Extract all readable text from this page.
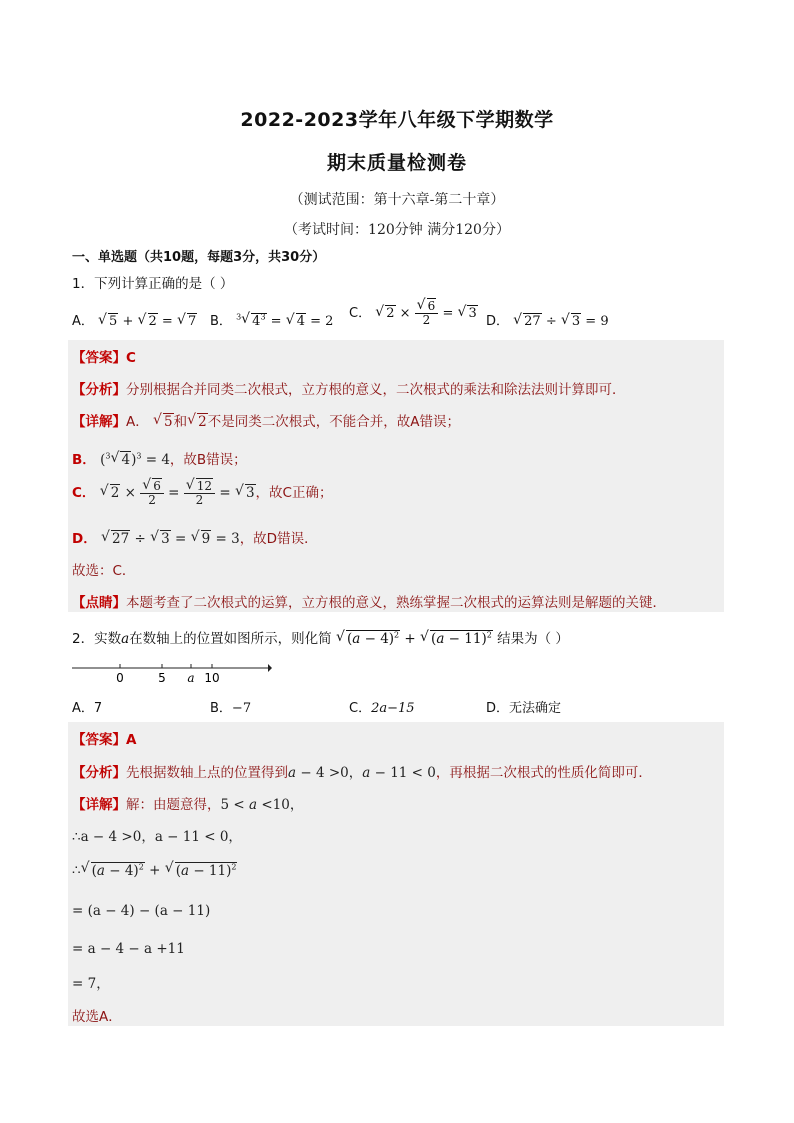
2022-2023学年八年级下学期数学
期末质量检测卷
（测试范围：第十六章-第二十章）
（考试时间：120分钟 满分120分）
一、单选题（共10题，每题3分，共30分）
1．下列计算正确的是（ ）
A． √ 5 + √ 2 = √ 7 B． $^3$ √ $4^3$ = √ 4 = 2
C． √ 2 × √ $\frac{6}{2}$ = √ 3
D． √ 27 ÷ √ 3 = 9
【答案】C
【分析】分别根据合并同类二次根式，立方根的意义，二次根式的乘法和除法法则计算即可．
【详解】A． √ 5和 √ 2不是同类二次根式，不能合并，故A错误；
B． ($^3$ √ 4)$^3$ = 4，故B错误；
C． √ 2 × √ $\frac{6}{2}$ = √ $\frac{12}{2}$ = √ 3，故C正确；
D． √ 27 ÷ √ 3 = √ 9 = 3，故D错误．
故选：C．
【点睛】本题考查了二次根式的运算，立方根的意义，熟练掌握二次根式的运算法则是解题的关键．
2．实数a在数轴上的位置如图所示，则化简 √ $(a - 4)^2$ + √ $(a - 11)^2$ 结果为（ ）
0	5 a 10
A．7	B．−7	C．2a−15	D．无法确定
【答案】A
【分析】先根据数轴上点的位置得到a − 4 >0，a − 11 < 0，再根据二次根式的性质化简即可．
【详解】解：由题意得，5 < a <10，
∴a − 4 >0，a − 11 < 0，
∴ √ $(a - 4)^2$ + √ $(a - 11)^2$
= (a − 4) − (a − 11)
= a − 4 − a +11
= 7，
故选A．
